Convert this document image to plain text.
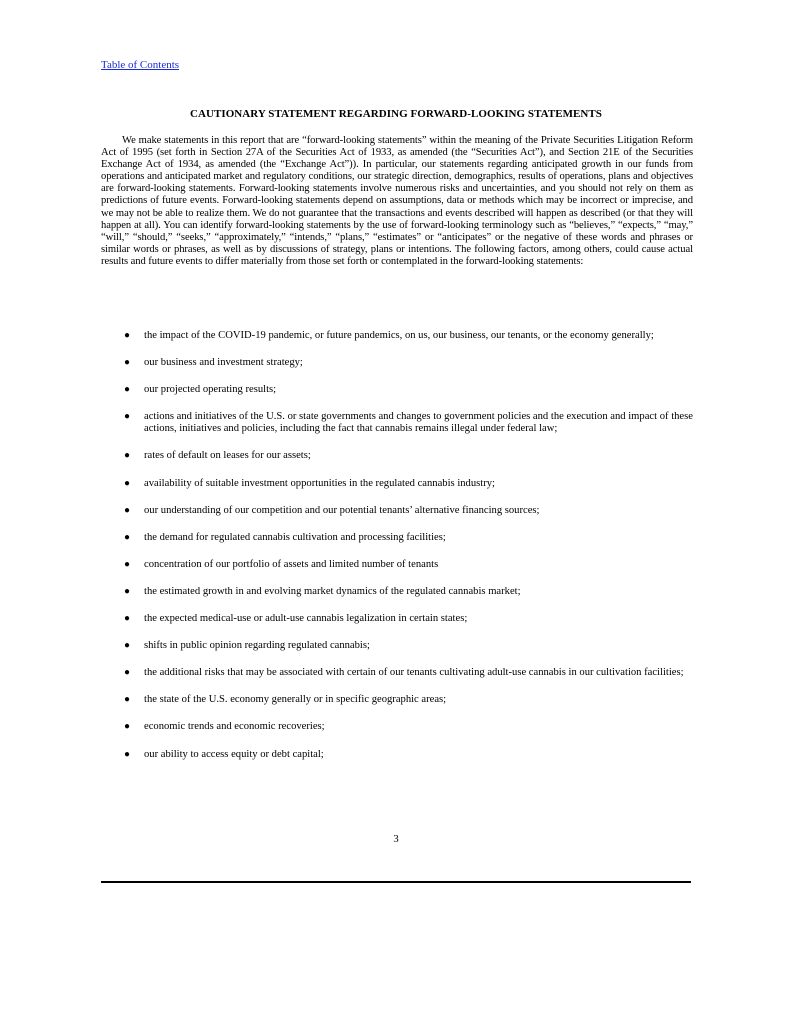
Table of Contents
CAUTIONARY STATEMENT REGARDING FORWARD-LOOKING STATEMENTS

We make statements in this report that are “forward-looking statements” within the meaning of the Private Securities Litigation Reform Act of 1995 (set forth in Section 27A of the Securities Act of 1933, as amended (the “Securities Act”), and Section 21E of the Securities Exchange Act of 1934, as amended (the “Exchange Act”)). In particular, our statements regarding anticipated growth in our funds from operations and anticipated market and regulatory conditions, our strategic direction, demographics, results of operations, plans and objectives are forward-looking statements. Forward-looking statements involve numerous risks and uncertainties, and you should not rely on them as predictions of future events. Forward-looking statements depend on assumptions, data or methods which may be incorrect or imprecise, and we may not be able to realize them. We do not guarantee that the transactions and events described will happen as described (or that they will happen at all). You can identify forward-looking statements by the use of forward-looking terminology such as “believes,” “expects,” “may,” “will,” “should,” “seeks,” “approximately,” “intends,” “plans,” “estimates” or “anticipates” or the negative of these words and phrases or similar words or phrases, as well as by discussions of strategy, plans or intentions. The following factors, among others, could cause actual results and future events to differ materially from those set forth or contemplated in the forward-looking statements:

● the impact of the COVID-19 pandemic, or future pandemics, on us, our business, our tenants, or the economy generally;
● our business and investment strategy;
● our projected operating results;
● actions and initiatives of the U.S. or state governments and changes to government policies and the execution and impact of these actions, initiatives and policies, including the fact that cannabis remains illegal under federal law;
● rates of default on leases for our assets;
● availability of suitable investment opportunities in the regulated cannabis industry;
● our understanding of our competition and our potential tenants’ alternative financing sources;
● the demand for regulated cannabis cultivation and processing facilities;
● concentration of our portfolio of assets and limited number of tenants
● the estimated growth in and evolving market dynamics of the regulated cannabis market;
● the expected medical-use or adult-use cannabis legalization in certain states;
● shifts in public opinion regarding regulated cannabis;
● the additional risks that may be associated with certain of our tenants cultivating adult-use cannabis in our cultivation facilities;
● the state of the U.S. economy generally or in specific geographic areas;
● economic trends and economic recoveries;
● our ability to access equity or debt capital;
3
